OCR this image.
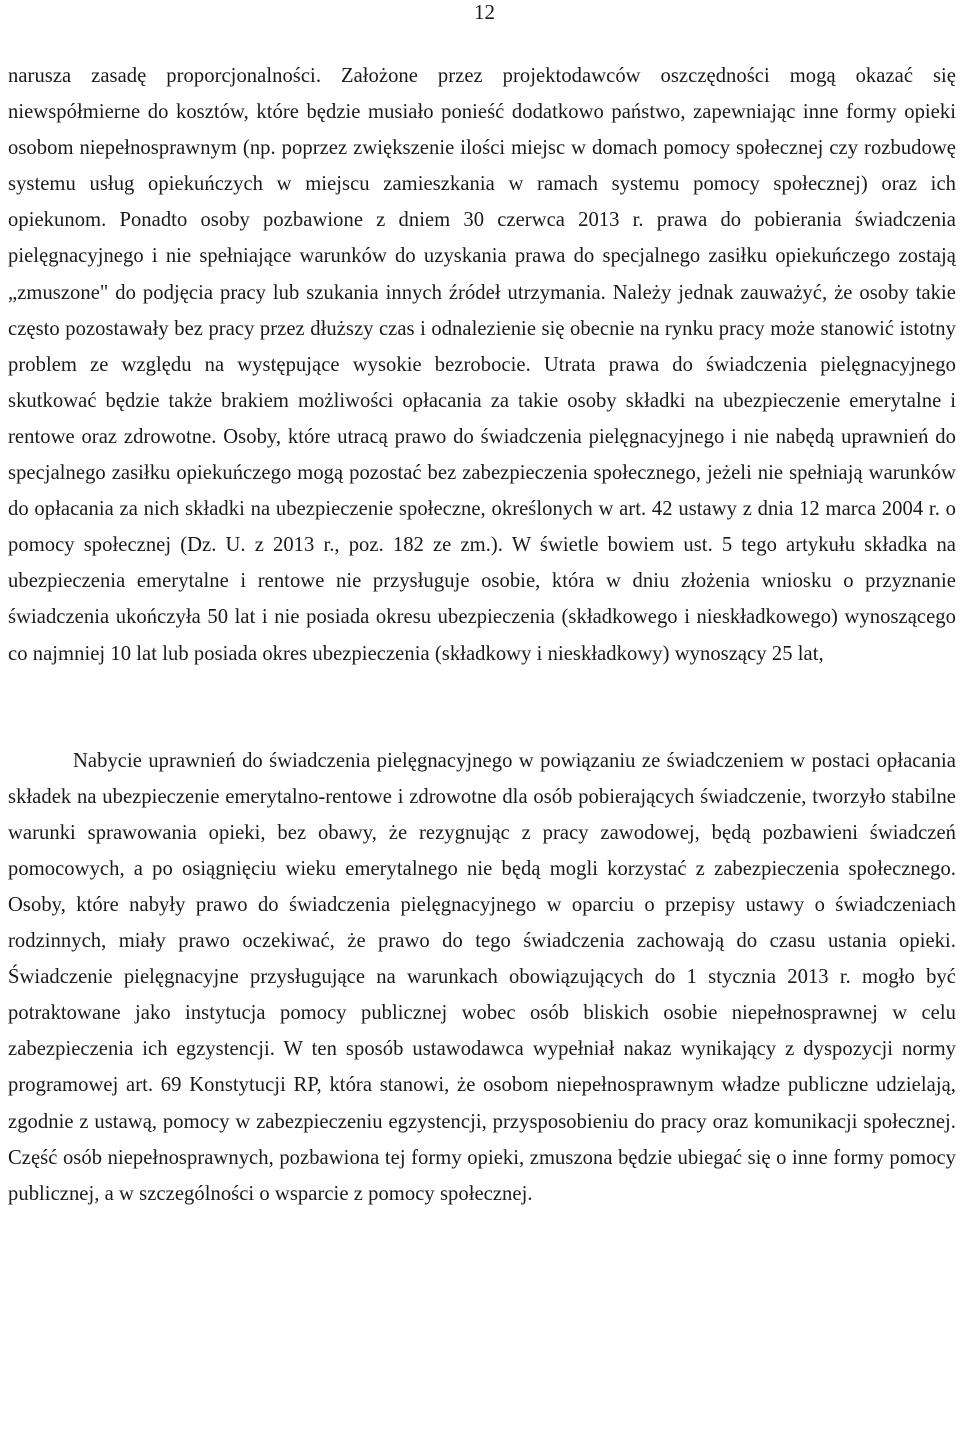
12

narusza zasadę proporcjonalności. Założone przez projektodawców oszczędności mogą okazać się niewspółmierne do kosztów, które będzie musiało ponieść dodatkowo państwo, zapewniając inne formy opieki osobom niepełnosprawnym (np. poprzez zwiększenie ilości miejsc w domach pomocy społecznej czy rozbudowę systemu usług opiekuńczych w miejscu zamieszkania w ramach systemu pomocy społecznej) oraz ich opiekunom. Ponadto osoby pozbawione z dniem 30 czerwca 2013 r. prawa do pobierania świadczenia pielęgnacyjnego i nie spełniające warunków do uzyskania prawa do specjalnego zasiłku opiekuńczego zostają „zmuszone" do podjęcia pracy lub szukania innych źródeł utrzymania. Należy jednak zauważyć, że osoby takie często pozostawały bez pracy przez dłuższy czas i odnalezienie się obecnie na rynku pracy może stanowić istotny problem ze względu na występujące wysokie bezrobocie. Utrata prawa do świadczenia pielęgnacyjnego skutkować będzie także brakiem możliwości opłacania za takie osoby składki na ubezpieczenie emerytalne i rentowe oraz zdrowotne. Osoby, które utracą prawo do świadczenia pielęgnacyjnego i nie nabędą uprawnień do specjalnego zasiłku opiekuńczego mogą pozostać bez zabezpieczenia społecznego, jeżeli nie spełniają warunków do opłacania za nich składki na ubezpieczenie społeczne, określonych w art. 42 ustawy z dnia 12 marca 2004 r. o pomocy społecznej (Dz. U. z 2013 r., poz. 182 ze zm.). W świetle bowiem ust. 5 tego artykułu składka na ubezpieczenia emerytalne i rentowe nie przysługuje osobie, która w dniu złożenia wniosku o przyznanie świadczenia ukończyła 50 lat i nie posiada okresu ubezpieczenia (składkowego i nieskładkowego) wynoszącego co najmniej 10 lat lub posiada okres ubezpieczenia (składkowy i nieskładkowy) wynoszący 25 lat,

Nabycie uprawnień do świadczenia pielęgnacyjnego w powiązaniu ze świadczeniem w postaci opłacania składek na ubezpieczenie emerytalno-rentowe i zdrowotne dla osób pobierających świadczenie, tworzyło stabilne warunki sprawowania opieki, bez obawy, że rezygnując z pracy zawodowej, będą pozbawieni świadczeń pomocowych, a po osiągnięciu wieku emerytalnego nie będą mogli korzystać z zabezpieczenia społecznego. Osoby, które nabyły prawo do świadczenia pielęgnacyjnego w oparciu o przepisy ustawy o świadczeniach rodzinnych, miały prawo oczekiwać, że prawo do tego świadczenia zachowają do czasu ustania opieki. Świadczenie pielęgnacyjne przysługujące na warunkach obowiązujących do 1 stycznia 2013 r. mogło być potraktowane jako instytucja pomocy publicznej wobec osób bliskich osobie niepełnosprawnej w celu zabezpieczenia ich egzystencji. W ten sposób ustawodawca wypełniał nakaz wynikający z dyspozycji normy programowej art. 69 Konstytucji RP, która stanowi, że osobom niepełnosprawnym władze publiczne udzielają, zgodnie z ustawą, pomocy w zabezpieczeniu egzystencji, przysposobieniu do pracy oraz komunikacji społecznej. Część osób niepełnosprawnych, pozbawiona tej formy opieki, zmuszona będzie ubiegać się o inne formy pomocy publicznej, a w szczególności o wsparcie z pomocy społecznej.
